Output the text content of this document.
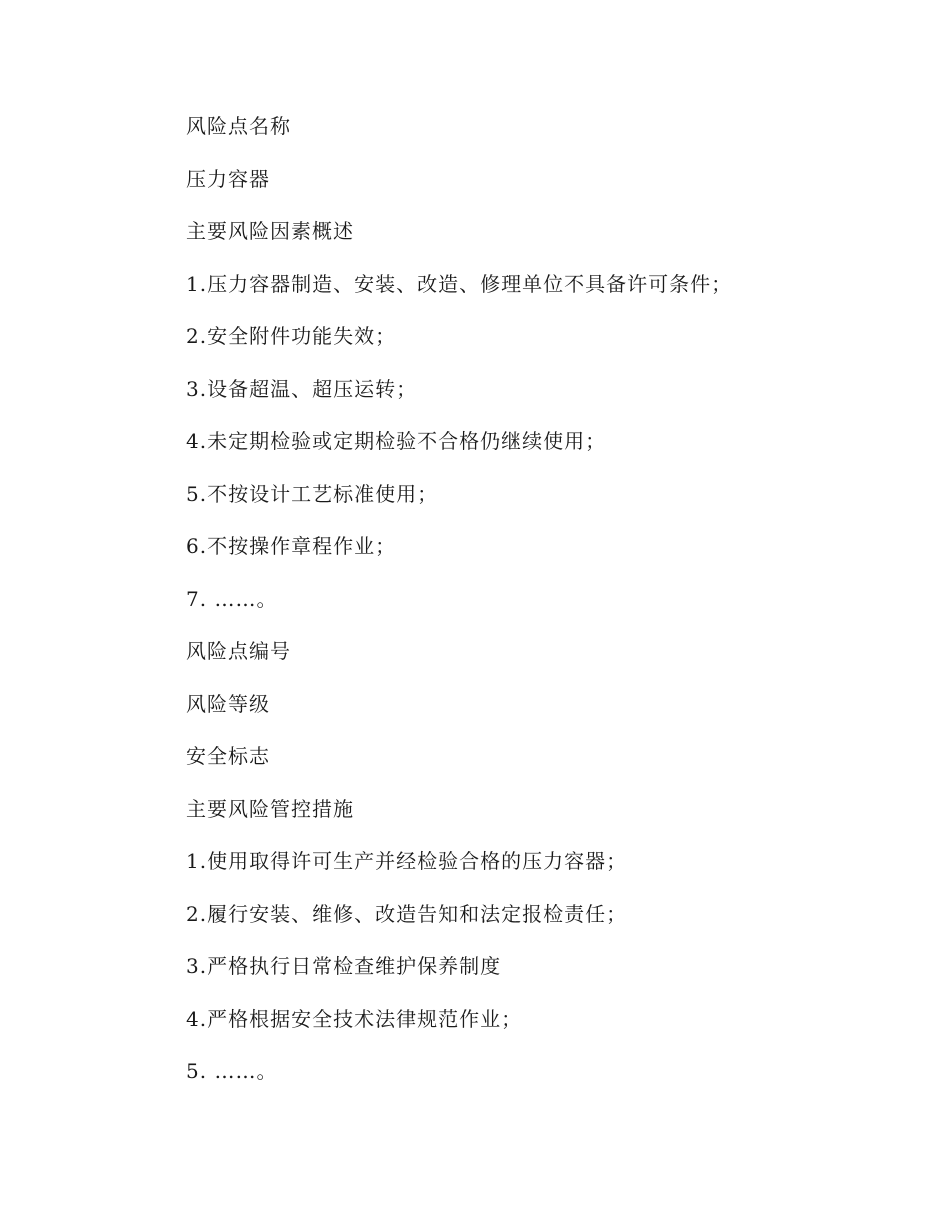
风险点名称
压力容器
主要风险因素概述
1.压力容器制造、安装、改造、修理单位不具备许可条件；
2.安全附件功能失效；
3.设备超温、超压运转；
4.未定期检验或定期检验不合格仍继续使用；
5.不按设计工艺标准使用；
6.不按操作章程作业；
7. ……。
风险点编号
风险等级
安全标志
主要风险管控措施
1.使用取得许可生产并经检验合格的压力容器；
2.履行安装、维修、改造告知和法定报检责任；
3.严格执行日常检查维护保养制度
4.严格根据安全技术法律规范作业；
5. ……。
